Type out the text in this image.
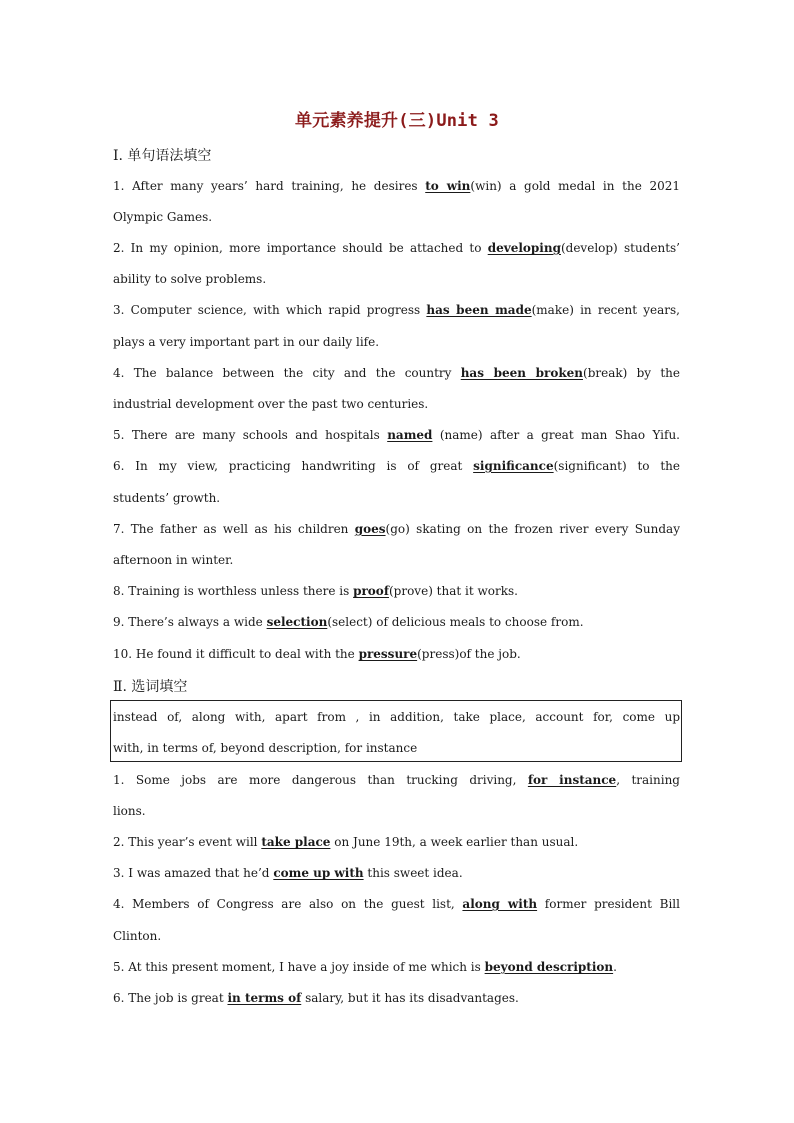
单元素养提升(三)Unit 3
Ⅰ. 单句语法填空
1. After many years’ hard training, he desires to win(win) a gold medal in the 2021
Olympic Games.
2. In my opinion, more importance should be attached to developing(develop) students’
ability to solve problems.
3. Computer science, with which rapid progress has been made(make) in recent years,
plays a very important part in our daily life.
4. The balance between the city and the country has been broken(break) by the
industrial development over the past two centuries.
5. There are many schools and hospitals named (name) after a great man Shao Yifu.
6. In my view, practicing handwriting is of great significance(significant) to the
students’ growth.
7. The father as well as his children goes(go) skating on the frozen river every Sunday
afternoon in winter.
8. Training is worthless unless there is proof(prove) that it works.
9. There’s always a wide selection(select) of delicious meals to choose from.
10. He found it difficult to deal with the pressure(press)of the job.
Ⅱ. 选词填空
instead of, along with, apart from , in addition, take place, account for, come up
with, in terms of, beyond description, for instance
1. Some jobs are more dangerous than trucking driving, for instance, training
lions.
2. This year’s event will take place on June 19th, a week earlier than usual.
3. I was amazed that he’d come up with this sweet idea.
4. Members of Congress are also on the guest list, along with former president Bill
Clinton.
5. At this present moment, I have a joy inside of me which is beyond description.
6. The job is great in terms of salary, but it has its disadvantages.
